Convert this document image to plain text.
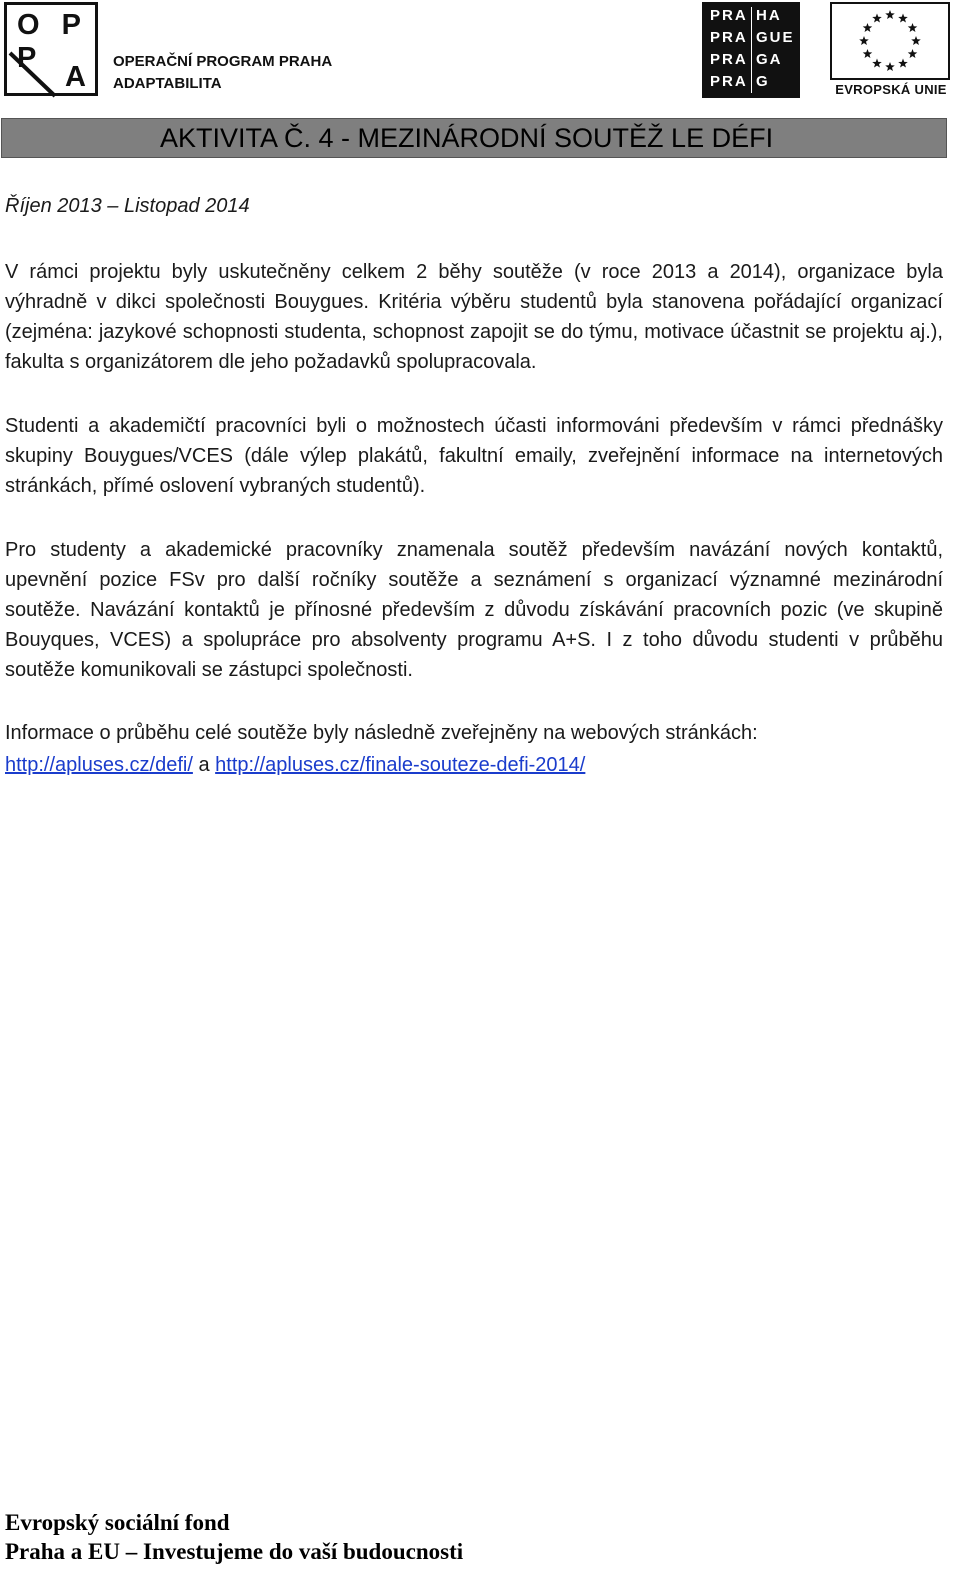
O P P
A OPERAČNÍ PROGRAM PRAHA
ADAPTABILITA
PRA
PRA
PRA
PRA
HA
GUE
GA
G	EVROPSKÁ UNIE
AKTIVITA Č. 4 - MEZINÁRODNÍ SOUTĚŽ LE DÉFI
Říjen 2013 – Listopad 2014

V rámci projektu byly uskutečněny celkem 2 běhy soutěže (v roce 2013 a 2014), organizace byla výhradně v dikci společnosti Bouygues. Kritéria výběru studentů byla stanovena pořádající organizací (zejména: jazykové schopnosti studenta, schopnost zapojit se do týmu, motivace účastnit se projektu aj.), fakulta s organizátorem dle jeho požadavků spolupracovala.

Studenti a akademičtí pracovníci byli o možnostech účasti informováni především v rámci přednášky skupiny Bouygues/VCES (dále výlep plakátů, fakultní emaily, zveřejnění informace na internetových stránkách, přímé oslovení vybraných studentů).

Pro studenty a akademické pracovníky znamenala soutěž především navázání nových kontaktů, upevnění pozice FSv pro další ročníky soutěže a seznámení s organizací významné mezinárodní soutěže. Navázání kontaktů je přínosné především z důvodu získávání pracovních pozic (ve skupině Bouyques, VCES) a spolupráce pro absolventy programu A+S. I z toho důvodu studenti v průběhu soutěže komunikovali se zástupci společnosti.

Informace o průběhu celé soutěže byly následně zveřejněny na webových stránkách:

http://apluses.cz/defi/ a http://apluses.cz/finale-souteze-defi-2014/
Evropský sociální fond
Praha a EU – Investujeme do vaší budoucnosti
